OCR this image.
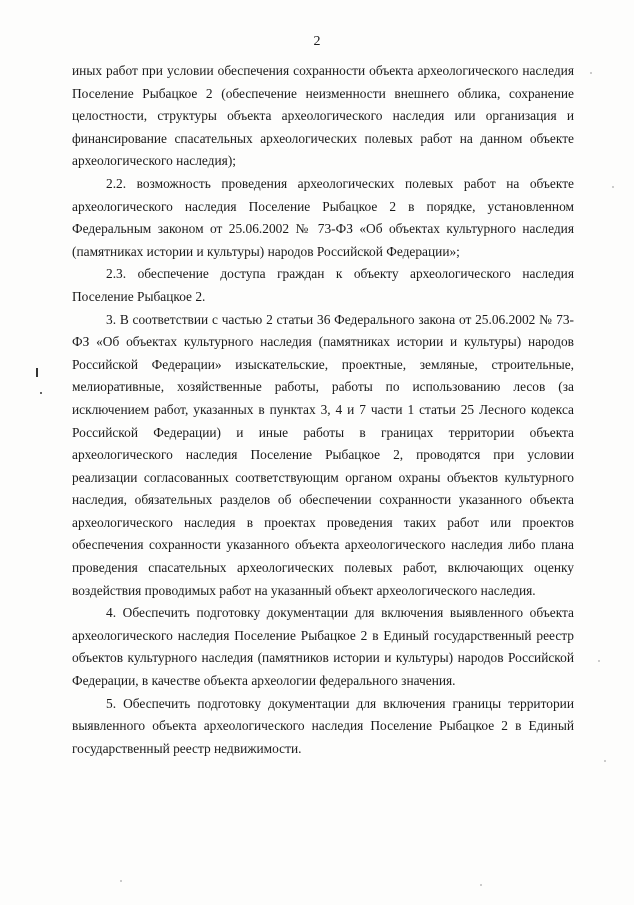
2

иных работ при условии обеспечения сохранности объекта археологического наследия Поселение Рыбацкое 2 (обеспечение неизменности внешнего облика, сохранение целостности, структуры объекта археологического наследия или организация и финансирование спасательных археологических полевых работ на данном объекте археологического наследия);

2.2. возможность проведения археологических полевых работ на объекте археологического наследия Поселение Рыбацкое 2 в порядке, установленном Федеральным законом от 25.06.2002 № 73-ФЗ «Об объектах культурного наследия (памятниках истории и культуры) народов Российской Федерации»;

2.3. обеспечение доступа граждан к объекту археологического наследия Поселение Рыбацкое 2.

3. В соответствии с частью 2 статьи 36 Федерального закона от 25.06.2002 № 73-ФЗ «Об объектах культурного наследия (памятниках истории и культуры) народов Российской Федерации» изыскательские, проектные, земляные, строительные, мелиоративные, хозяйственные работы, работы по использованию лесов (за исключением работ, указанных в пунктах 3, 4 и 7 части 1 статьи 25 Лесного кодекса Российской Федерации) и иные работы в границах территории объекта археологического наследия Поселение Рыбацкое 2, проводятся при условии реализации согласованных соответствующим органом охраны объектов культурного наследия, обязательных разделов об обеспечении сохранности указанного объекта археологического наследия в проектах проведения таких работ или проектов обеспечения сохранности указанного объекта археологического наследия либо плана проведения спасательных археологических полевых работ, включающих оценку воздействия проводимых работ на указанный объект археологического наследия.

4. Обеспечить подготовку документации для включения выявленного объекта археологического наследия Поселение Рыбацкое 2 в Единый государственный реестр объектов культурного наследия (памятников истории и культуры) народов Российской Федерации, в качестве объекта археологии федерального значения.

5. Обеспечить подготовку документации для включения границы территории выявленного объекта археологического наследия Поселение Рыбацкое 2 в Единый государственный реестр недвижимости.
